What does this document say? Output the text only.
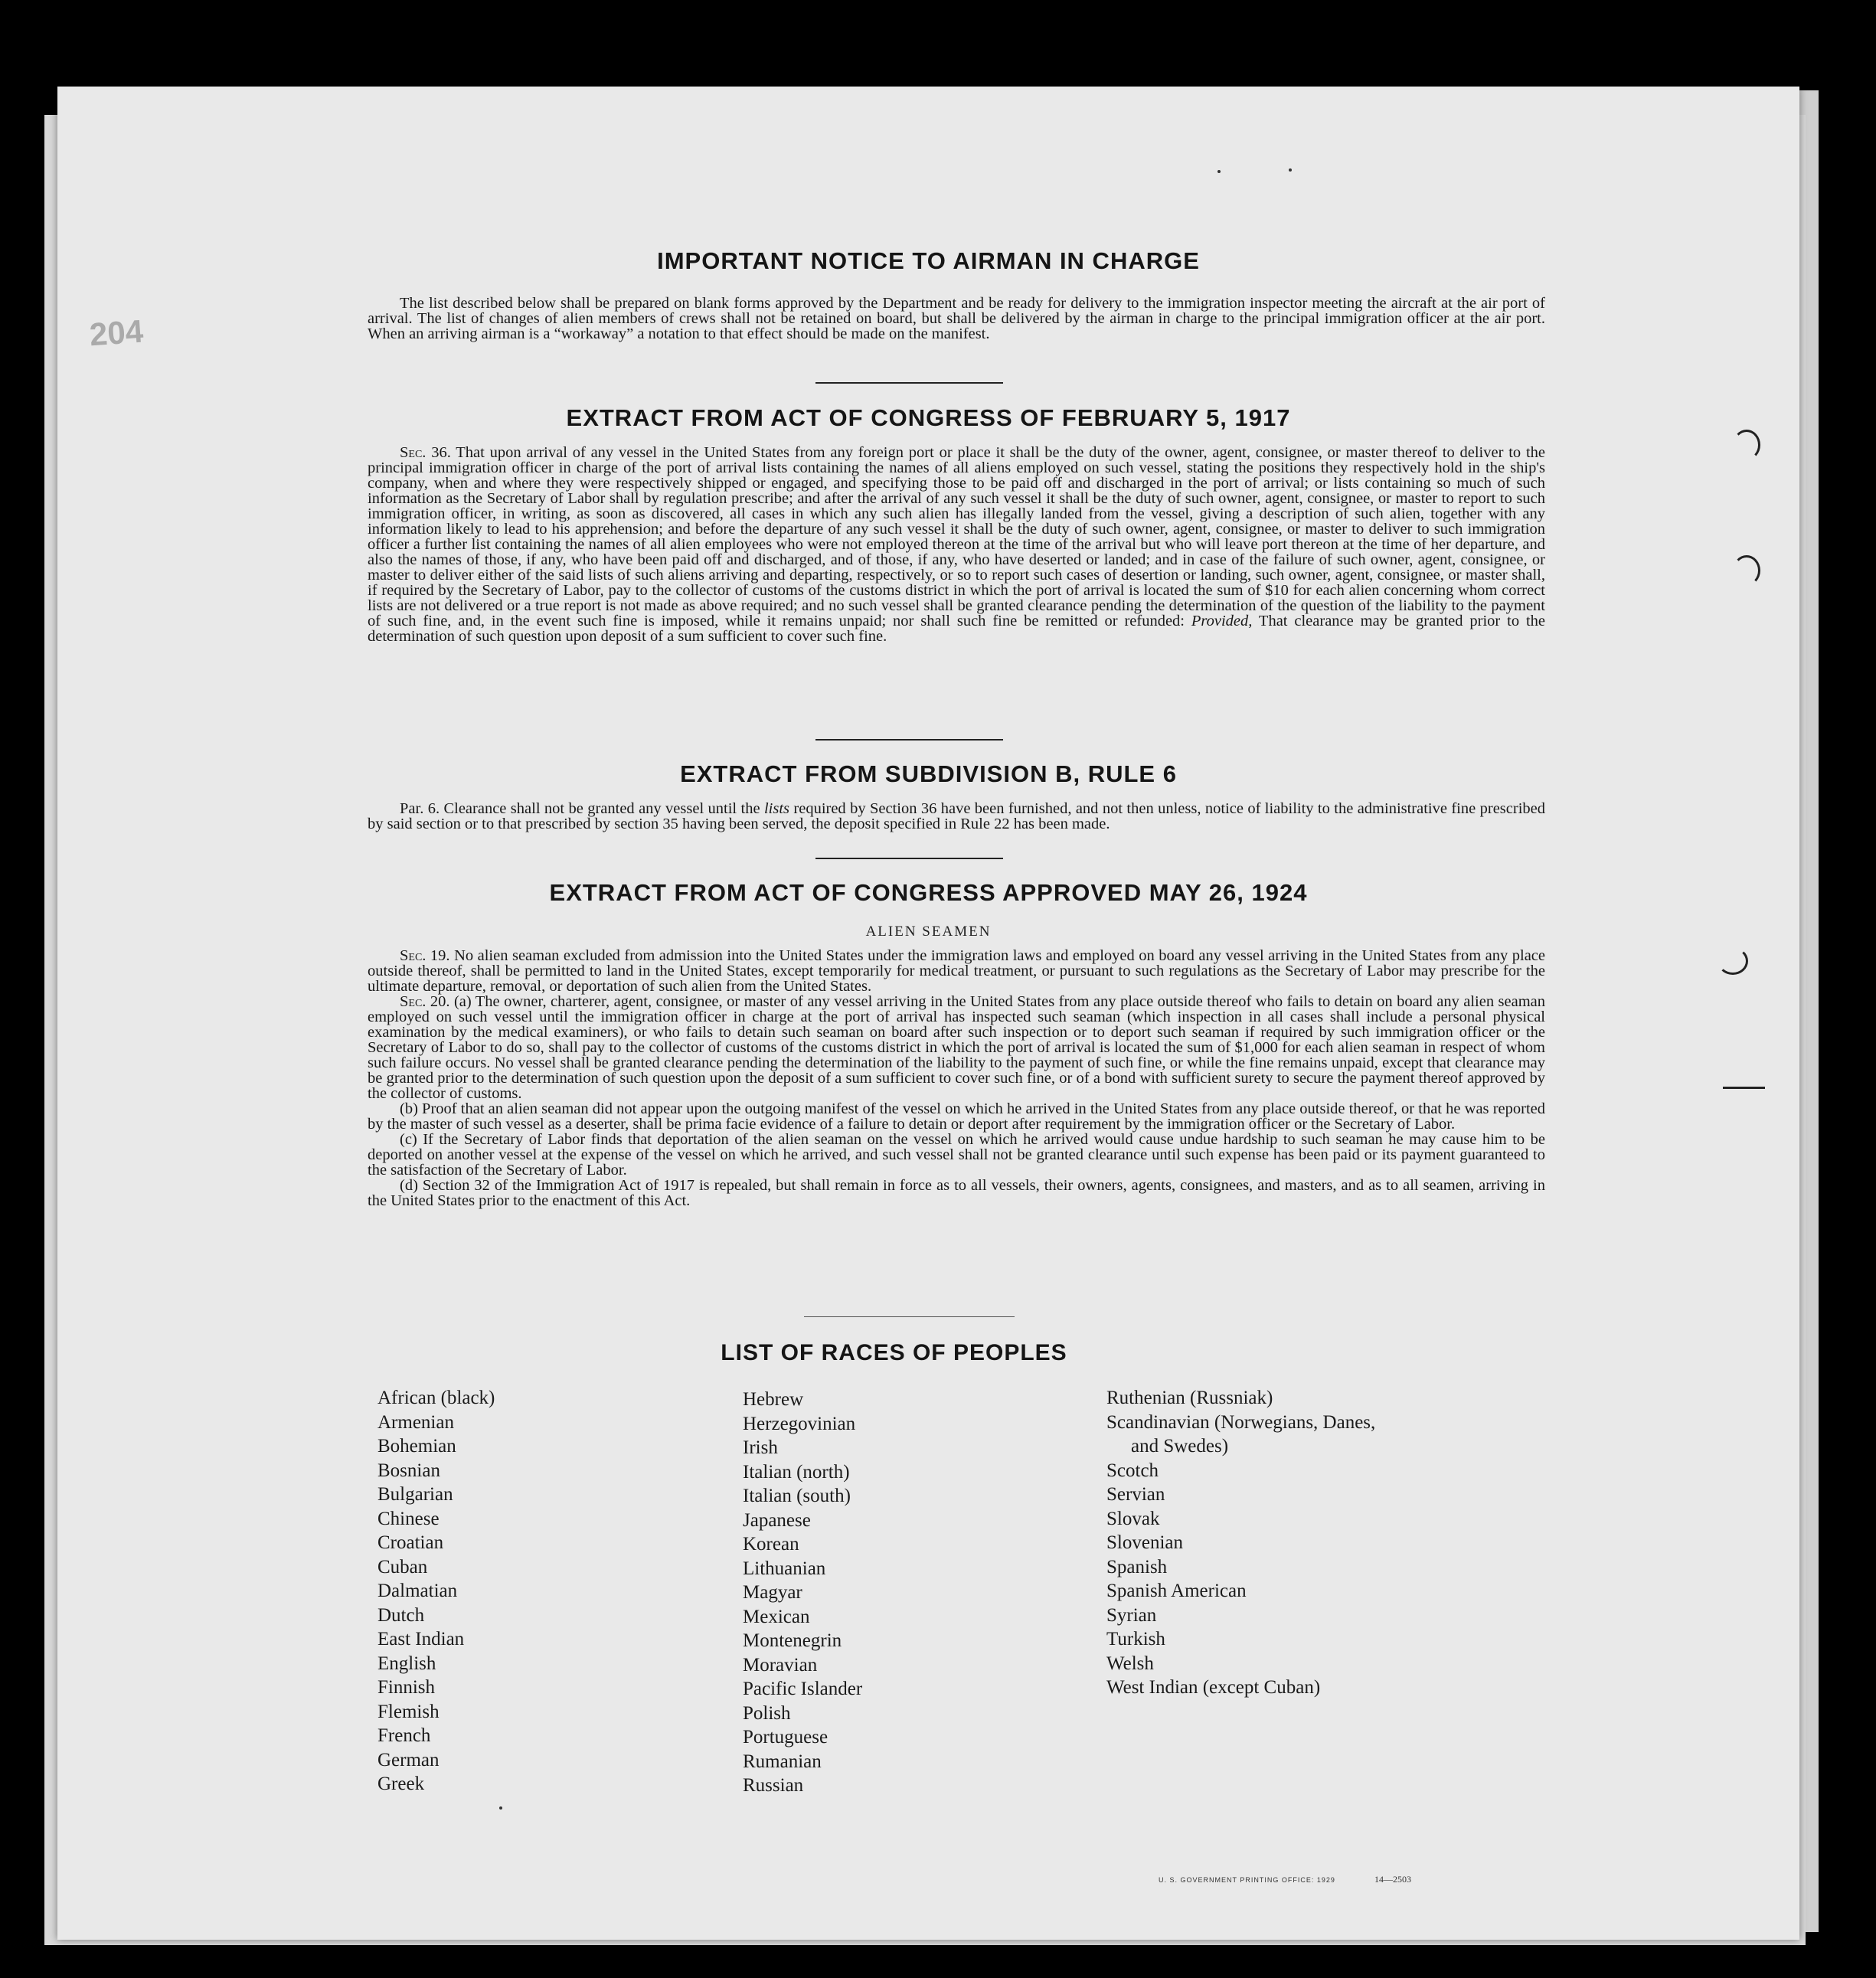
204
IMPORTANT NOTICE TO AIRMAN IN CHARGE

The list described below shall be prepared on blank forms approved by the Department and be ready for delivery to the immigration inspector meeting the aircraft at the air port of arrival. The list of changes of alien members of crews shall not be retained on board, but shall be delivered by the airman in charge to the principal immigration officer at the air port. When an arriving airman is a “workaway” a notation to that effect should be made on the manifest.

EXTRACT FROM ACT OF CONGRESS OF FEBRUARY 5, 1917

Sec. 36. That upon arrival of any vessel in the United States from any foreign port or place it shall be the duty of the owner, agent, consignee, or master thereof to deliver to the principal immigration officer in charge of the port of arrival lists containing the names of all aliens employed on such vessel, stating the positions they respectively hold in the ship's company, when and where they were respectively shipped or engaged, and specifying those to be paid off and discharged in the port of arrival; or lists containing so much of such information as the Secretary of Labor shall by regulation prescribe; and after the arrival of any such vessel it shall be the duty of such owner, agent, consignee, or master to report to such immigration officer, in writing, as soon as discovered, all cases in which any such alien has illegally landed from the vessel, giving a description of such alien, together with any information likely to lead to his apprehension; and before the departure of any such vessel it shall be the duty of such owner, agent, consignee, or master to deliver to such immigration officer a further list containing the names of all alien employees who were not employed thereon at the time of the arrival but who will leave port thereon at the time of her departure, and also the names of those, if any, who have been paid off and discharged, and of those, if any, who have deserted or landed; and in case of the failure of such owner, agent, consignee, or master to deliver either of the said lists of such aliens arriving and departing, respectively, or so to report such cases of desertion or landing, such owner, agent, consignee, or master shall, if required by the Secretary of Labor, pay to the collector of customs of the customs district in which the port of arrival is located the sum of $10 for each alien concerning whom correct lists are not delivered or a true report is not made as above required; and no such vessel shall be granted clearance pending the determination of the question of the liability to the payment of such fine, and, in the event such fine is imposed, while it remains unpaid; nor shall such fine be remitted or refunded: Provided, That clearance may be granted prior to the determination of such question upon deposit of a sum sufficient to cover such fine.

EXTRACT FROM SUBDIVISION B, RULE 6

Par. 6. Clearance shall not be granted any vessel until the lists required by Section 36 have been furnished, and not then unless, notice of liability to the administrative fine prescribed by said section or to that prescribed by section 35 having been served, the deposit specified in Rule 22 has been made.

EXTRACT FROM ACT OF CONGRESS APPROVED MAY 26, 1924
ALIEN SEAMEN
Sec. 19. No alien seaman excluded from admission into the United States under the immigration laws and employed on board any vessel arriving in the United States from any place outside thereof, shall be permitted to land in the United States, except temporarily for medical treatment, or pursuant to such regulations as the Secretary of Labor may prescribe for the ultimate departure, removal, or deportation of such alien from the United States.
Sec. 20. (a) The owner, charterer, agent, consignee, or master of any vessel arriving in the United States from any place outside thereof who fails to detain on board any alien seaman employed on such vessel until the immigration officer in charge at the port of arrival has inspected such seaman (which inspection in all cases shall include a personal physical examination by the medical examiners), or who fails to detain such seaman on board after such inspection or to deport such seaman if required by such immigration officer or the Secretary of Labor to do so, shall pay to the collector of customs of the customs district in which the port of arrival is located the sum of $1,000 for each alien seaman in respect of whom such failure occurs. No vessel shall be granted clearance pending the determination of the liability to the payment of such fine, or while the fine remains unpaid, except that clearance may be granted prior to the determination of such question upon the deposit of a sum sufficient to cover such fine, or of a bond with sufficient surety to secure the payment thereof approved by the collector of customs.
(b) Proof that an alien seaman did not appear upon the outgoing manifest of the vessel on which he arrived in the United States from any place outside thereof, or that he was reported by the master of such vessel as a deserter, shall be prima facie evidence of a failure to detain or deport after requirement by the immigration officer or the Secretary of Labor.
(c) If the Secretary of Labor finds that deportation of the alien seaman on the vessel on which he arrived would cause undue hardship to such seaman he may cause him to be deported on another vessel at the expense of the vessel on which he arrived, and such vessel shall not be granted clearance until such expense has been paid or its payment guaranteed to the satisfaction of the Secretary of Labor.
(d) Section 32 of the Immigration Act of 1917 is repealed, but shall remain in force as to all vessels, their owners, agents, consignees, and masters, and as to all seamen, arriving in the United States prior to the enactment of this Act.
LIST OF RACES OF PEOPLES
African (black)
Armenian
Bohemian
Bosnian
Bulgarian
Chinese
Croatian
Cuban
Dalmatian
Dutch
East Indian
English
Finnish
Flemish
French
German
Greek
Hebrew
Herzegovinian
Irish
Italian (north)
Italian (south)
Japanese
Korean
Lithuanian
Magyar
Mexican
Montenegrin
Moravian
Pacific Islander
Polish
Portuguese
Rumanian
Russian
Ruthenian (Russniak)
Scandinavian (Norwegians, Danes,
and Swedes)
Scotch
Servian
Slovak
Slovenian
Spanish
Spanish American
Syrian
Turkish
Welsh
West Indian (except Cuban)
U. S. GOVERNMENT PRINTING OFFICE: 1929	14—2503
